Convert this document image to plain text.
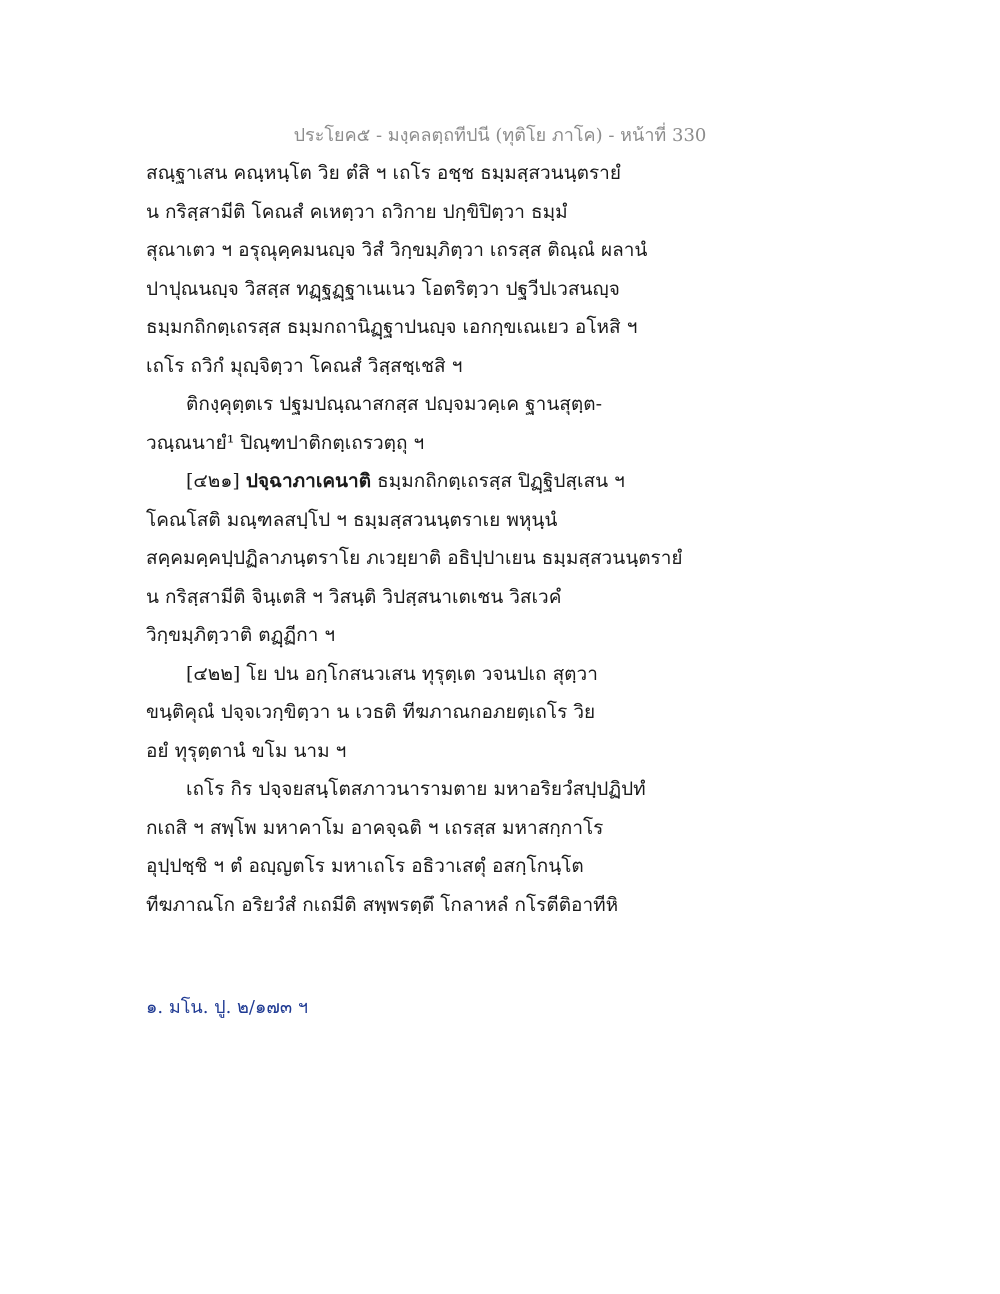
ประโยค๕ - มงฺคลตฺถทีปนี (ทุติโย ภาโค) - หน้าที่ 330
สณฺฐาเสน คณฺหนฺโต วิย ตํสิ ฯ เถโร อชฺช ธมฺมสฺสวนนฺตรายํ
น กริสฺสามีติ โคณสํ คเหตฺวา ถวิกาย ปกฺขิปิตฺวา ธมฺมํ
สุณาเตว ฯ อรุณุคฺคมนญฺจ วิสํ วิกฺขมฺภิตฺวา เถรสฺส ติณฺณํ ผลานํ
ปาปุณนญฺจ วิสสฺส ทฏฺฐฏฺฐาเนเนว โอตริตฺวา ปฐวีปเวสนญฺจ
ธมฺมกถิกตฺเถรสฺส ธมฺมกถานิฏฺฐาปนญฺจ เอกกฺขเณเยว อโหสิ ฯ
เถโร ถวิกํ มุญฺจิตฺวา โคณสํ วิสฺสชฺเชสิ ฯ
ติกงฺคุตฺตเร ปฐมปณฺณาสกสฺส ปญฺจมวคฺเค ฐานสุตฺต-
วณฺณนายํ¹ ปิณฺฑปาติกตฺเถรวตฺถุ ฯ
[๔๒๑] ปจฺฉาภาเคนาติ ธมฺมกถิกตฺเถรสฺส ปิฏฺฐิปสฺเสน ฯ
โคณโสติ มณฺฑลสปฺโป ฯ ธมฺมสฺสวนนฺตราเย พหุนฺนํ
สคฺคมคฺคปฺปฏิลาภนฺตราโย ภเวยฺยาติ อธิปฺปาเยน ธมฺมสฺสวนนฺตรายํ
น กริสฺสามีติ จินฺเตสิ ฯ วิสนฺติ วิปสฺสนาเตเชน วิสเวคํ
วิกฺขมฺภิตฺวาติ ตฏฺฏีกา ฯ
[๔๒๒] โย ปน อกฺโกสนวเสน ทุรุตฺเต วจนปเถ สุตฺวา
ขนฺติคุณํ ปจฺจเวกฺขิตฺวา น เวธติ ทีฆภาณกอภยตฺเถโร วิย
อยํ ทุรุตฺตานํ ขโม นาม ฯ
เถโร กิร ปจฺจยสนฺโตสภาวนารามตาย มหาอริยวํสปฺปฏิปทํ
กเถสิ ฯ สพฺโพ มหาคาโม อาคจฺฉติ ฯ เถรสฺส มหาสกฺกาโร
อุปฺปชฺชิ ฯ ตํ อญฺญตโร มหาเถโร อธิวาเสตุํ อสกฺโกนฺโต
ทีฆภาณโก อริยวํสํ กเถมีติ สพฺพรตฺตึ โกลาหลํ กโรตีติอาทีหิ
๑. มโน. ปู. ๒/๑๗๓ ฯ
